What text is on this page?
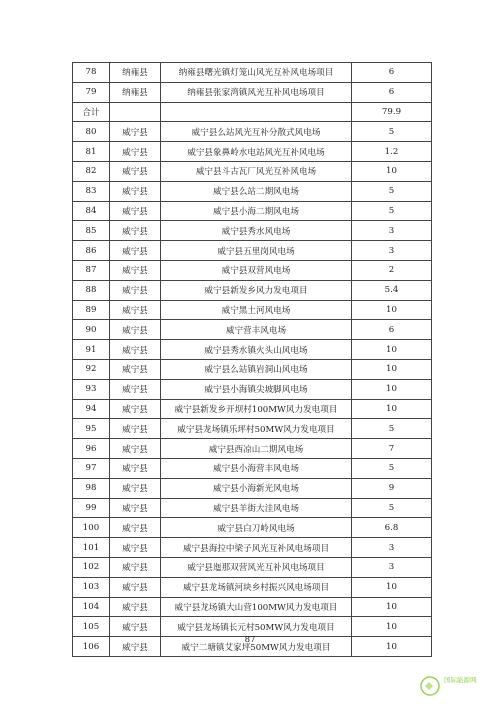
78	纳雍县	纳雍县曙光镇灯笼山风光互补风电场项目	6
79	纳雍县	纳雍县张家湾镇风光互补风电场项目	6
合计			79.9
80	威宁县	威宁县么站风光互补分散式风电场	5
81	威宁县	威宁县象鼻岭水电站风光互补风电场	1.2
82	威宁县	威宁县斗古瓦厂风光互补风电场	10
83	威宁县	威宁县么站二期风电场	5
84	威宁县	威宁县小海二期风电场	5
85	威宁县	威宁县秀水风电场	3
86	威宁县	威宁县五里岗风电场	3
87	威宁县	威宁县双营风电场	2
88	威宁县	威宁县新发乡风力发电项目	5.4
89	威宁县	威宁黑土河风电场	10
90	威宁县	威宁营丰风电场	6
91	威宁县	威宁县秀水镇火头山风电场	10
92	威宁县	威宁县么站镇岩洞山风电场	10
93	威宁县	威宁县小海镇尖坡脚风电场	10
94	威宁县	威宁县新发乡开坝村100MW风力发电项目	10
95	威宁县	威宁县龙场镇乐坪村50MW风力发电项目	5
96	威宁县	威宁县西凉山二期风电场	7
97	威宁县	威宁县小海营丰风电场	5
98	威宁县	威宁县小海新光风电场	9
99	威宁县	威宁县羊街大洼风电场	5
100	威宁县	威宁县白刀岭风电场	6.8
101	威宁县	威宁县海拉中梁子风光互补风电场项目	3
102	威宁县	威宁县迤那双营风光互补风电场项目	3
103	威宁县	威宁县龙场镇河块乡村振兴风电场项目	10
104	威宁县	威宁县龙场镇大山营100MW风力发电项目	10
105	威宁县	威宁县龙场镇长元村50MW风力发电项目	10
106	威宁县	威宁二塘镇艾家坪50MW风力发电项目	10
87
国际能源网
